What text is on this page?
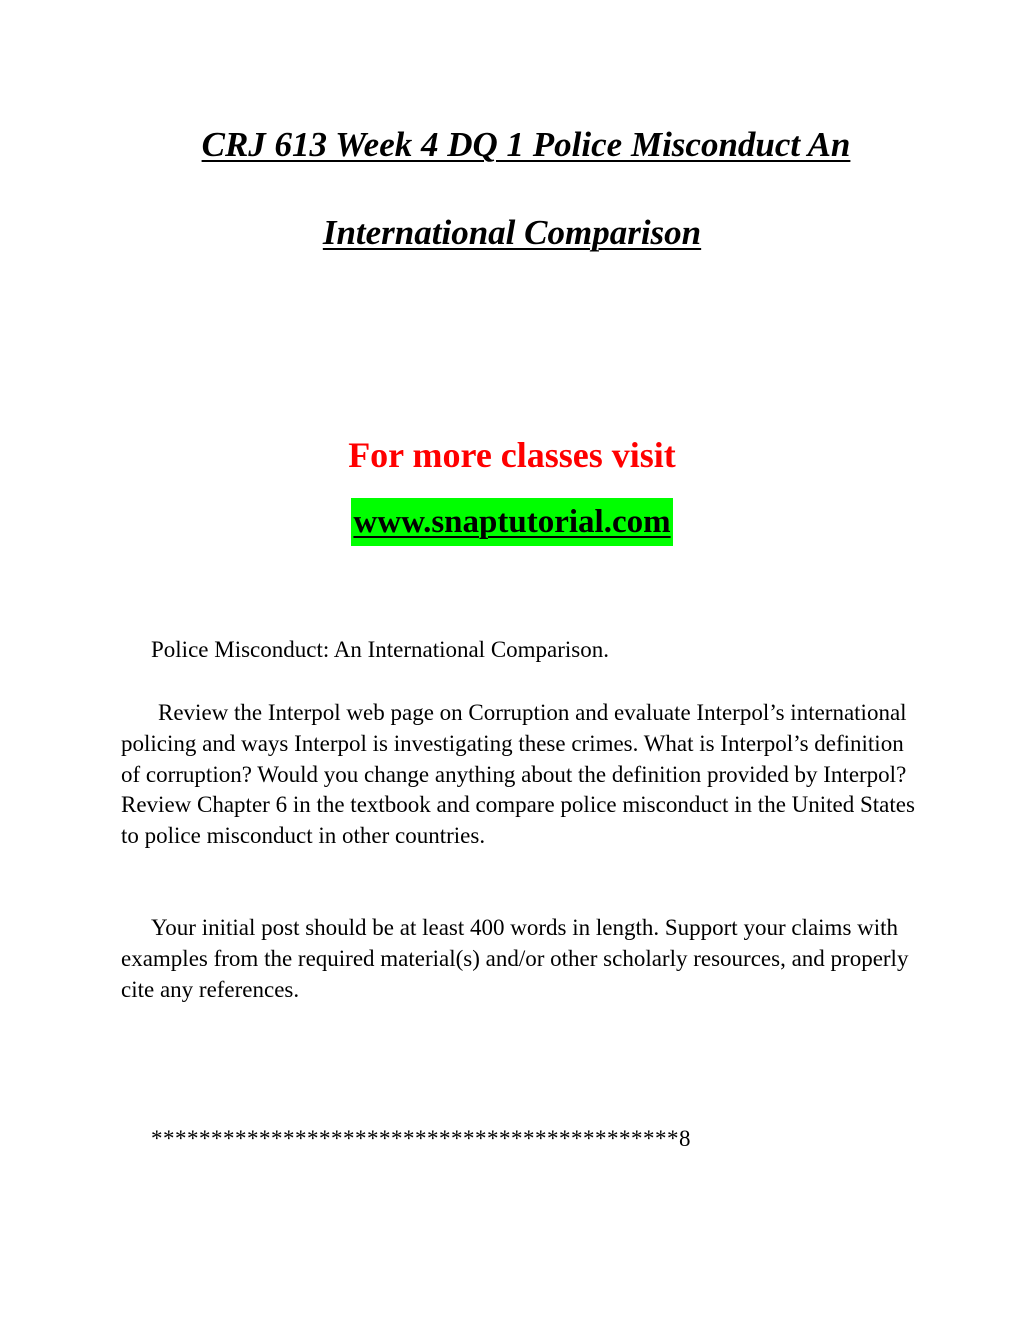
CRJ 613 Week 4 DQ 1 Police Misconduct An
International Comparison
For more classes visit
www.snaptutorial.com
Police Misconduct: An International Comparison.
Review the Interpol web page on Corruption and evaluate Interpol’s international policing and ways Interpol is investigating these crimes. What is Interpol’s definition of corruption? Would you change anything about the definition provided by Interpol? Review Chapter 6 in the textbook and compare police misconduct in the United States to police misconduct in other countries.
Your initial post should be at least 400 words in length. Support your claims with examples from the required material(s) and/or other scholarly resources, and properly cite any references.
********************************************8
